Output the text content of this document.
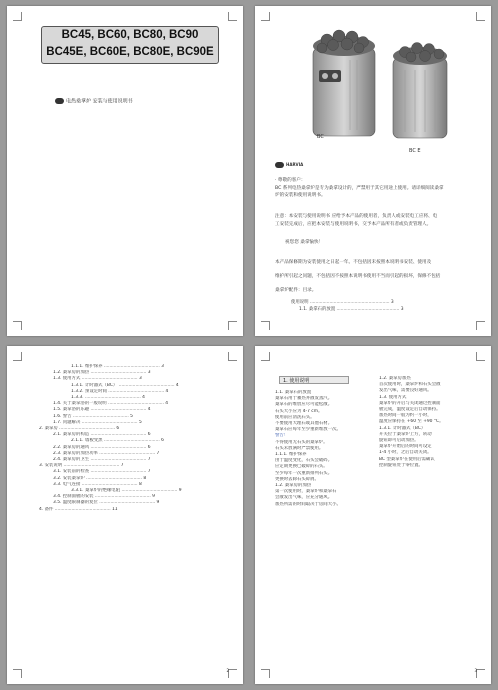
BC45, BC60, BC80, BC90
BC45E, BC60E, BC80E, BC90E
电热桑拿炉 安装与使用说明书
BC
BC E
HARVIA
· 尊敬的客户：
BC 系列电热桑拿炉是专为桑拿设计的，严禁用于其它用途上使用。请详细阅读桑拿
炉的安装和使用说明书。
注意：本安装与使用说明书 应给予本产品的使用者，负责人或安装电工应将、电
工安装完成后，应把本安装与使用说明书，交予本产品所有者或负责管理人。
祝您您 桑拿愉快！
本产品保修期为安装使用之日起一年。不包括因未按照本说明书安装、使用及
维护所引起之问题，不包括因不按照本说明书使用不当而引起的损坏，保修不包括
桑拿炉配件：目录。
使用说明 ......................................................... 3
1.1. 桑拿石的放置 ............................................. 3
1.1.1. 维护保养 ........................................ 3
1.2. 桑拿房的加热 ........................................ 3
1.3. 使用方式 ........................................ 3
1.3.1. 计时器式（BC） ........................................ 4
1.3.2. 预设定时间 ........................................ 4
1.3.3. ........................................ 4
1.4. 关于桑拿浴的一般说明 ........................................ 4
1.5. 桑拿浴的乐趣 ........................................ 4
1.6. 警告 ........................................ 5
1.7. 问题解决 ........................................ 5
2. 桑拿房 ........................................ 6
2.1. 桑拿房的构造 ........................................ 6
2.1.1. 墙板变黑 ........................................ 6
2.2. 桑拿房的通风 ........................................ 6
2.3. 桑拿房的加热功率 ........................................ 7
2.4. 桑拿房的卫生 ........................................ 7
3. 安装说明 ........................................ 7
3.1. 安装前的检查 ........................................ 7
3.2. 安装桑拿炉 ........................................ 8
3.3. 电气连接 ........................................ 8
3.3.1. 桑拿炉的绝缘电阻 ........................................ 9
3.4. 控制面板的安装 ........................................ 9
3.5. 温度限制器的复位 ........................................ 9
4. 备件 ........................................ 11
2
1. 使用说明
1.1. 桑拿石的放置
桑拿石用于蓄热并散发蒸汽。
桑拿石的堆放应尽可能松散。
石头大小应为 4-7 cm。
使用前应清洗石头。
不要使用大理石或其他石材。
桑拿石应每年至少重新堆放一次。
警告！
不得使用无石头的桑拿炉。
石头未放满时严禁使用。
1.1.1. 维护保养
由于温度变化，石头会破碎。
应定期更换已破碎的石头。
至少每年一次重新排列石头。
更换时去除石头碎屑。
1.2. 桑拿房的加热
第一次使用时，桑拿炉和桑拿石
会散发出气味，应充分通风。
加热所需的时间取决于房间大小。
1.2. 桑拿房加热
首次使用时，桑拿炉和石头会散
发出气味，需要良好通风。
1.3. 使用方式
桑拿炉的开启与关闭通过控制面
板完成，温度设定后自动保持。
加热时间一般为约一小时，
温度应保持在 +60 至 +90 °C。
1.3.1. 计时器式（BC）
开关位于桑拿炉上方，转动
旋钮即可启动加热。
桑拿炉开始后的时间可设定
1-4 小时，之后自动关闭。
BC 型桑拿炉在使用后需确认
控制旋钮处于零位置。
3
